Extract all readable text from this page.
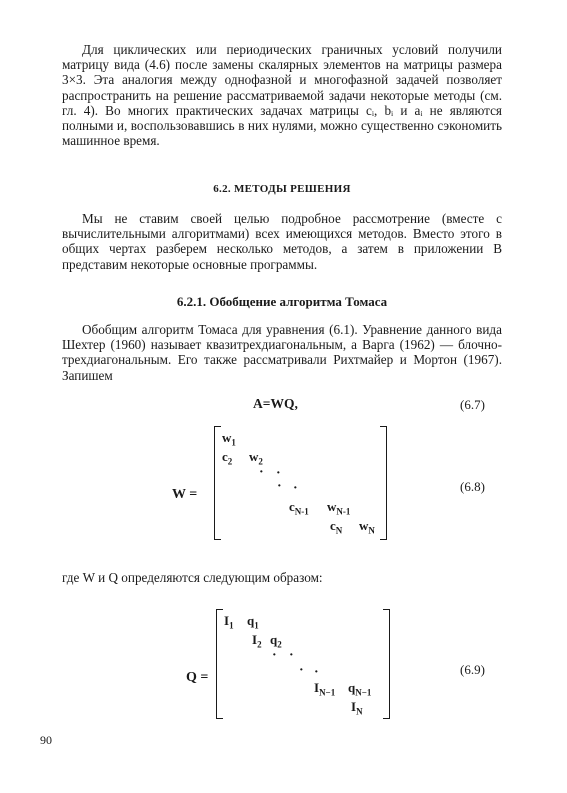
Для циклических или периодических граничных условий получили матрицу вида (4.6) после замены скалярных элементов на матрицы размера 3×3. Эта аналогия между однофазной и многофазной задачей позволяет распространить на решение рассматриваемой задачи некоторые методы (см. гл. 4). Во многих практических задачах матрицы cᵢ, bᵢ и aᵢ не являются полными и, воспользовавшись в них нулями, можно существенно сэкономить машинное время.

6.2. МЕТОДЫ РЕШЕНИЯ

Мы не ставим своей целью подробное рассмотрение (вместе с вычислительными алгоритмами) всех имеющихся методов. Вместо этого в общих чертах разберем несколько методов, а затем в приложении B представим некоторые основные программы.

6.2.1. Обобщение алгоритма Томаса

Обобщим алгоритм Томаса для уравнения (6.1). Уравнение данного вида Шехтер (1960) называет квазитрехдиагональным, а Варга (1962) — блочно-трехдиагональным. Его также рассматривали Рихтмайер и Мортон (1967). Запишем

A=WQ,	(6.7)
W =
$w_1$
$c_2$ $w_2$
· ·
· ·
$c_{N-1}$ $w_{N-1}$
$c_N$ $w_N$
(6.8)

где W и Q определяются следующим образом:

Q =
$I_1$ $q_1$
$I_2$ $q_2$
· ·
· ·
$I_{N-1}$ $q_{N-1}$
$I_N$
(6.9)
90
